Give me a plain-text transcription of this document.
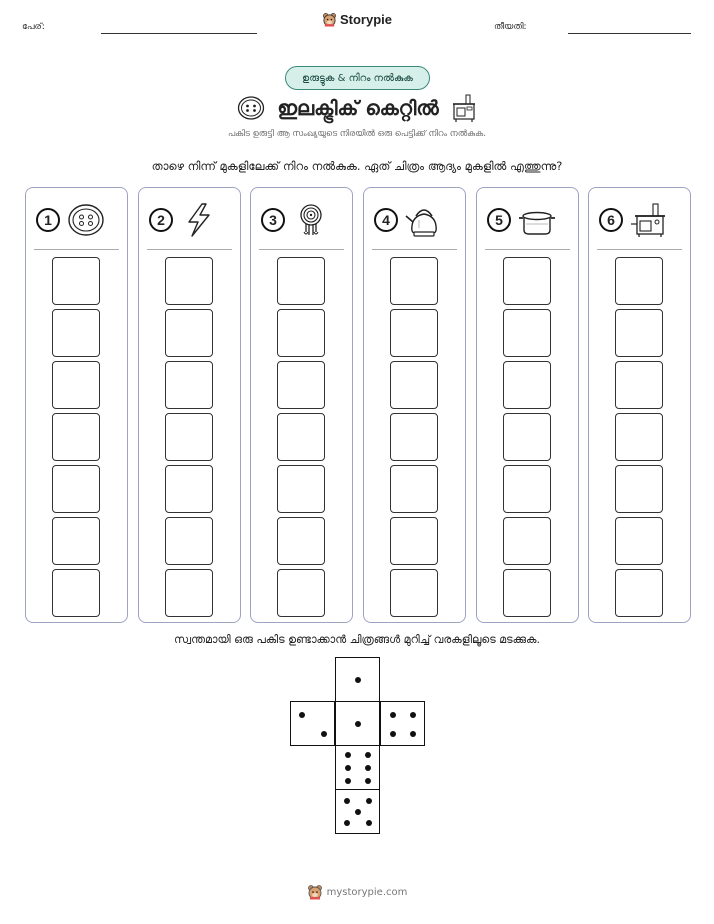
പേര്:	Storypie	തീയതി:
ഉരുട്ടുക & നിറം നൽകുക
ഇലക്ട്രിക് കെറ്റിൽ
പകിട ഉരുട്ടി ആ സംഖ്യയുടെ നിരയിൽ ഒരു പെട്ടിക്ക് നിറം നൽകുക.
താഴെ നിന്ന് മുകളിലേക്ക് നിറം നൽകുക. ഏത് ചിത്രം ആദ്യം മുകളിൽ എത്തുന്നു?
1	2	3	4	5	6
സ്വന്തമായി ഒരു പകിട ഉണ്ടാക്കാൻ ചിത്രങ്ങൾ മുറിച്ച് വരകളിലൂടെ മടക്കുക.
mystorypie.com
